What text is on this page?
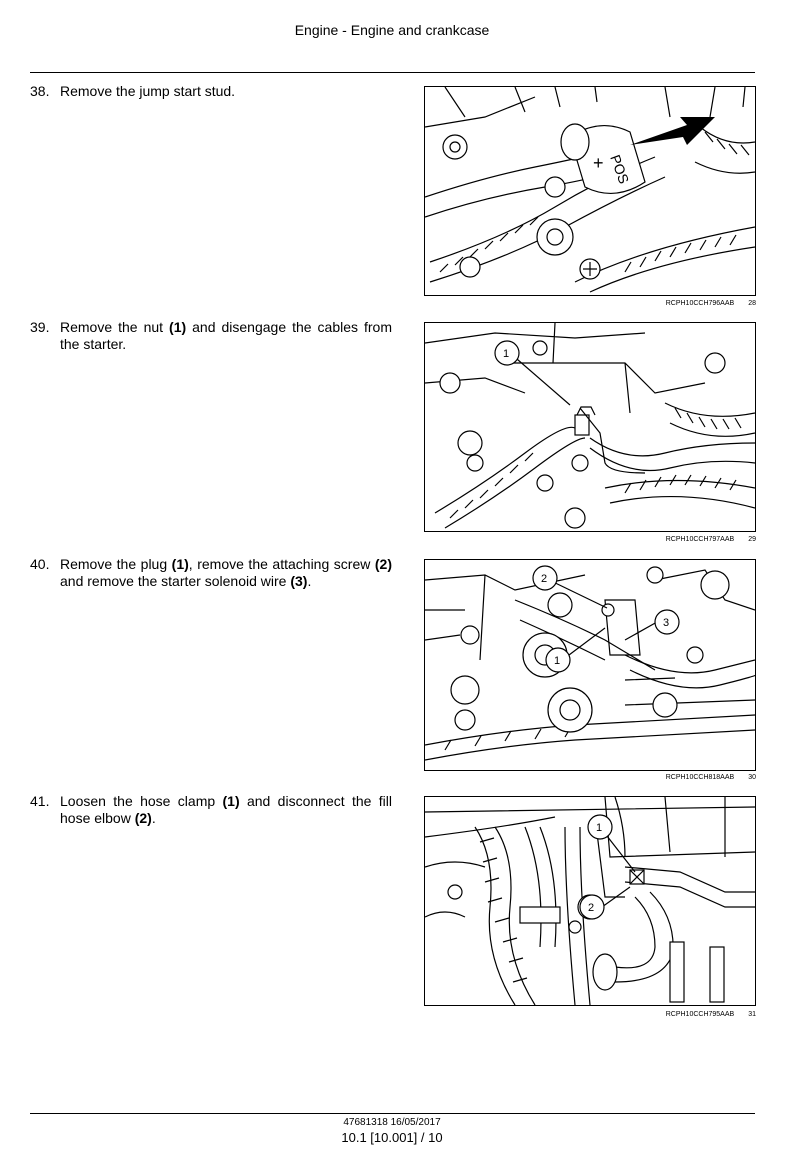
Engine - Engine and crankcase
38. Remove the jump start stud.
POS
+
RCPH10CCH796AAB 28
39. Remove the nut (1) and disengage the cables from the starter.
1
RCPH10CCH797AAB 29
40. Remove the plug (1), remove the attaching screw (2) and remove the starter solenoid wire (3).	2
3
1
RCPH10CCH818AAB 30
41. Loosen the hose clamp (1) and disconnect the fill hose elbow (2).
1
2
RCPH10CCH795AAB 31
47681318 16/05/2017
10.1 [10.001] / 10
